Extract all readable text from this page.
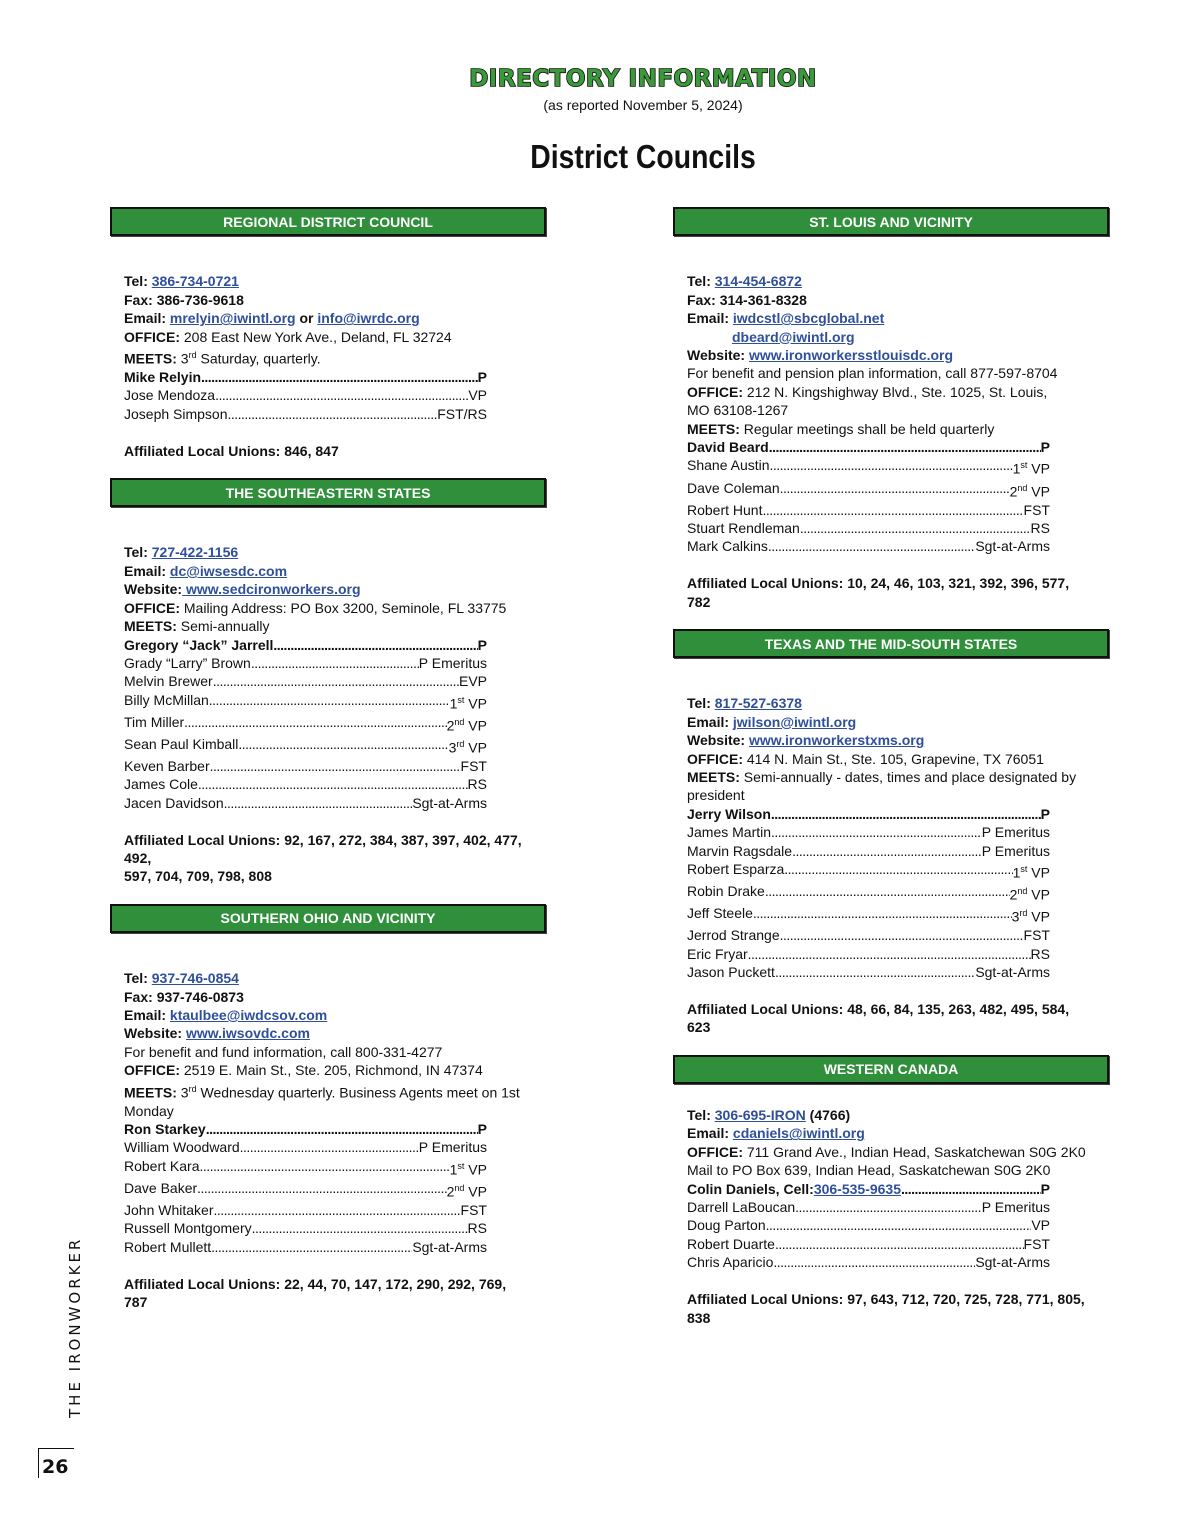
DIRECTORY INFORMATION
(as reported November 5, 2024)
District Councils
REGIONAL DISTRICT COUNCIL
Tel: 386-734-0721
Fax: 386-736-9618
Email: mrelyin@iwintl.org or info@iwrdc.org
OFFICE: 208 East New York Ave., Deland, FL 32724
MEETS: 3rd Saturday, quarterly.
Mike Relyin . . .	P
Jose Mendoza . . .	VP
Joseph Simpson . . .	FST/RS
Affiliated Local Unions: 846, 847
THE SOUTHEASTERN STATES
Tel: 727-422-1156
Email: dc@iwsesdc.com
Website: www.sedcironworkers.org
OFFICE: Mailing Address: PO Box 3200, Seminole, FL 33775
MEETS: Semi-annually
Gregory “Jack” Jarrell . . .	P
Grady “Larry” Brown . . .	P Emeritus
Melvin Brewer . . .	EVP
Billy McMillan . . .	1st VP
Tim Miller . . .	2nd VP
Sean Paul Kimball . . .	3rd VP
Keven Barber . . .	FST
James Cole . . .	RS
Jacen Davidson . . .	Sgt-at-Arms
Affiliated Local Unions: 92, 167, 272, 384, 387, 397, 402, 477, 492,
597, 704, 709, 798, 808
SOUTHERN OHIO AND VICINITY
Tel: 937-746-0854
Fax: 937-746-0873
Email: ktaulbee@iwdcsov.com
Website: www.iwsovdc.com
For benefit and fund information, call 800-331-4277
OFFICE: 2519 E. Main St., Ste. 205, Richmond, IN 47374
MEETS: 3rd Wednesday quarterly. Business Agents meet on 1st
Monday
Ron Starkey . . .	P
William Woodward . . .	P Emeritus
Robert Kara . . .	1st VP
Dave Baker . . .	2nd VP
John Whitaker . . .	FST
Russell Montgomery . . .	RS
Robert Mullett . . .	Sgt-at-Arms
Affiliated Local Unions: 22, 44, 70, 147, 172, 290, 292, 769, 787
ST. LOUIS AND VICINITY
Tel: 314-454-6872
Fax: 314-361-8328
Email: iwdcstl@sbcglobal.net
dbeard@iwintl.org
Website: www.ironworkersstlouisdc.org
For benefit and pension plan information, call 877-597-8704
OFFICE: 212 N. Kingshighway Blvd., Ste. 1025, St. Louis,
MO 63108-1267
MEETS: Regular meetings shall be held quarterly
David Beard . . .	P
Shane Austin . . .	1st VP
Dave Coleman . . .	2nd VP
Robert Hunt . . .	FST
Stuart Rendleman . . .	RS
Mark Calkins . . .	Sgt-at-Arms
Affiliated Local Unions: 10, 24, 46, 103, 321, 392, 396, 577, 782
TEXAS AND THE MID-SOUTH STATES
Tel: 817-527-6378
Email: jwilson@iwintl.org
Website: www.ironworkerstxms.org
OFFICE: 414 N. Main St., Ste. 105, Grapevine, TX 76051
MEETS: Semi-annually - dates, times and place designated by
president
Jerry Wilson . . .	P
James Martin . . .	P Emeritus
Marvin Ragsdale . . .	P Emeritus
Robert Esparza . . .	1st VP
Robin Drake . . .	2nd VP
Jeff Steele . . .	3rd VP
Jerrod Strange . . .	FST
Eric Fryar . . .	RS
Jason Puckett . . .	Sgt-at-Arms
Affiliated Local Unions: 48, 66, 84, 135, 263, 482, 495, 584, 623
WESTERN CANADA
Tel: 306-695-IRON (4766)
Email: cdaniels@iwintl.org
OFFICE: 711 Grand Ave., Indian Head, Saskatchewan S0G 2K0
Mail to PO Box 639, Indian Head, Saskatchewan S0G 2K0
Colin Daniels, Cell: 306-535-9635 . . .	P
Darrell LaBoucan . . .	P Emeritus
Doug Parton . . .	VP
Robert Duarte . . .	FST
Chris Aparicio . . .	Sgt-at-Arms
Affiliated Local Unions: 97, 643, 712, 720, 725, 728, 771, 805, 838
THE IRONWORKER
26
